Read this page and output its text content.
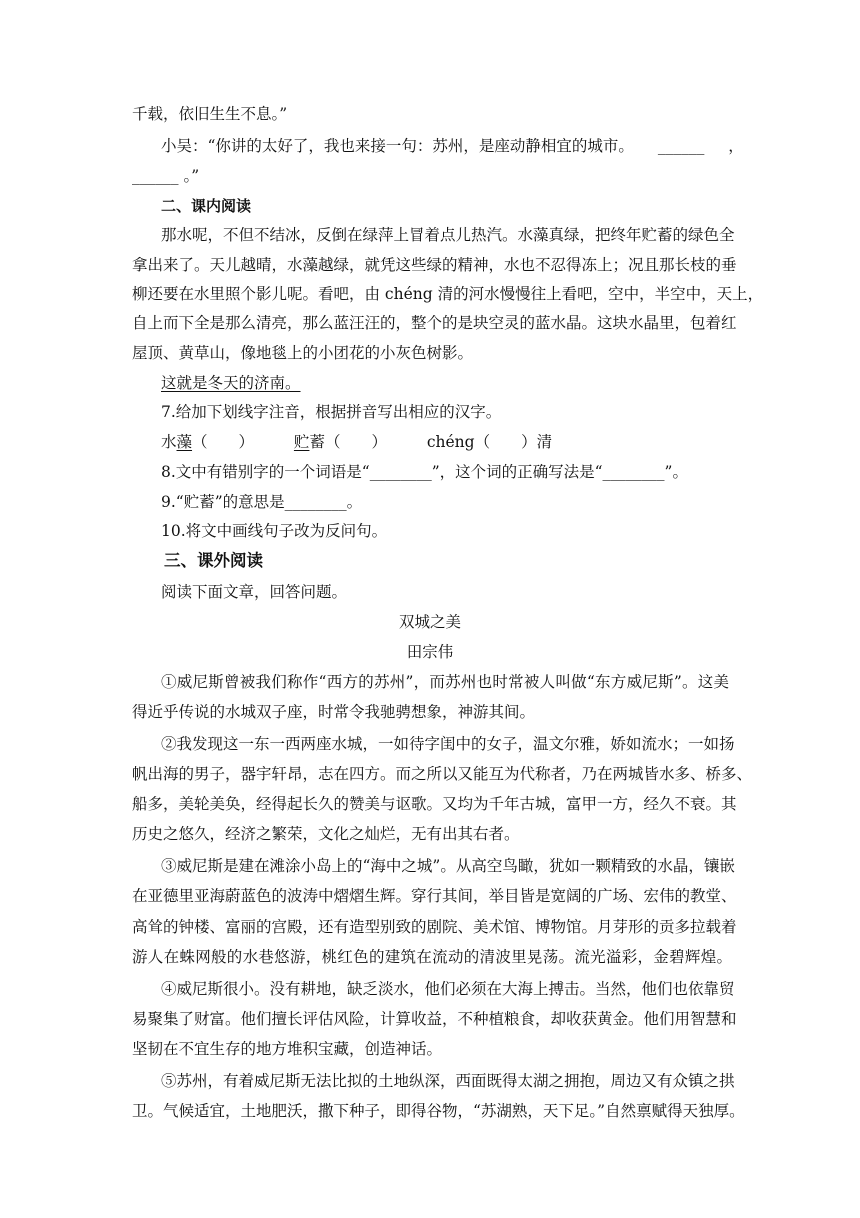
千载，依旧生生不息。”
小吴：“你讲的太好了，我也来接一句：苏州，是座动静相宜的城市。 ______ ，
______ 。”
二、课内阅读
那水呢，不但不结冰，反倒在绿萍上冒着点儿热汽。水藻真绿，把终年贮蓄的绿色全
拿出来了。天儿越晴，水藻越绿，就凭这些绿的精神，水也不忍得冻上；况且那长枝的垂
柳还要在水里照个影儿呢。看吧，由 chéng 清的河水慢慢往上看吧，空中，半空中，天上，
自上而下全是那么清亮，那么蓝汪汪的，整个的是块空灵的蓝水晶。这块水晶里，包着红
屋顶、黄草山，像地毯上的小团花的小灰色树影。
这就是冬天的济南。
7.给加下划线字注音，根据拼音写出相应的汉字。
水藻（　　）	贮蓄（　　）	chéng（　　）清
8.文中有错别字的一个词语是“________”，这个词的正确写法是“________”。
9.“贮蓄”的意思是________。
10.将文中画线句子改为反问句。
三、课外阅读
阅读下面文章，回答问题。
双城之美
田宗伟
①威尼斯曾被我们称作“西方的苏州”，而苏州也时常被人叫做“东方威尼斯”。这美
得近乎传说的水城双子座，时常令我驰骋想象，神游其间。
②我发现这一东一西两座水城，一如待字闺中的女子，温文尔雅，娇如流水；一如扬
帆出海的男子，器宇轩昂，志在四方。而之所以又能互为代称者，乃在两城皆水多、桥多、
船多，美轮美奂，经得起长久的赞美与讴歌。又均为千年古城，富甲一方，经久不衰。其
历史之悠久，经济之繁荣，文化之灿烂，无有出其右者。
③威尼斯是建在滩涂小岛上的“海中之城”。从高空鸟瞰，犹如一颗精致的水晶，镶嵌
在亚德里亚海蔚蓝色的波涛中熠熠生辉。穿行其间，举目皆是宽阔的广场、宏伟的教堂、
高耸的钟楼、富丽的宫殿，还有造型别致的剧院、美术馆、博物馆。月芽形的贡多拉载着
游人在蛛网般的水巷悠游，桃红色的建筑在流动的清波里晃荡。流光溢彩，金碧辉煌。
④威尼斯很小。没有耕地，缺乏淡水，他们必须在大海上搏击。当然，他们也依靠贸
易聚集了财富。他们擅长评估风险，计算收益，不种植粮食，却收获黄金。他们用智慧和
坚韧在不宜生存的地方堆积宝藏，创造神话。
⑤苏州，有着威尼斯无法比拟的土地纵深，西面既得太湖之拥抱，周边又有众镇之拱
卫。气候适宜，土地肥沃，撒下种子，即得谷物，“苏湖熟，天下足。”自然禀赋得天独厚。
